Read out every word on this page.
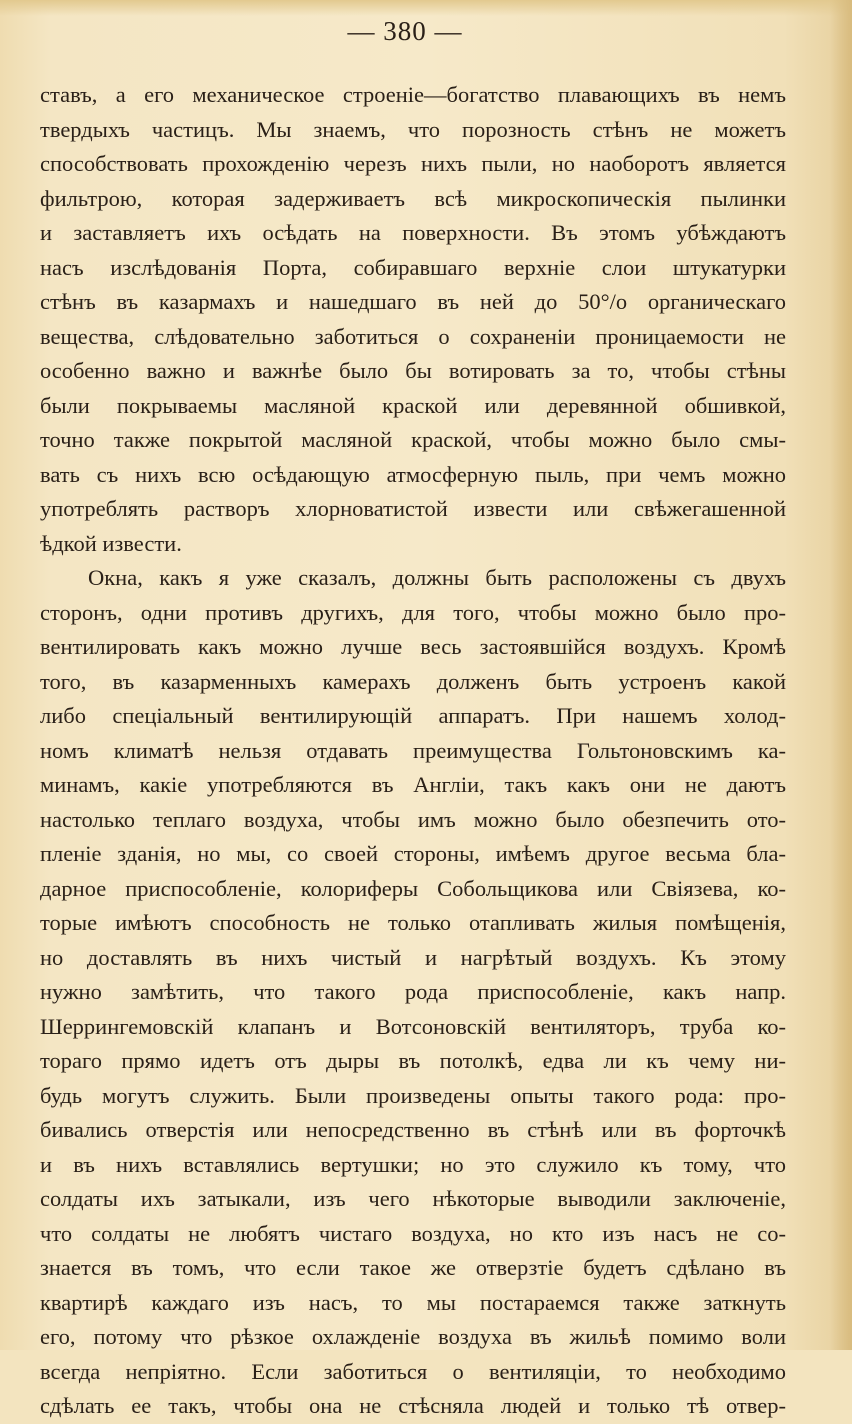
— 380 —
ставъ, а его механическое строеніе—богатство плавающихъ въ немъ
твердыхъ частицъ. Мы знаемъ, что порозность стѣнъ не можетъ
способствовать прохожденію черезъ нихъ пыли, но наоборотъ является
фильтрою, которая задерживаетъ всѣ микроскопическія пылинки
и заставляетъ ихъ осѣдать на поверхности. Въ этомъ убѣждаютъ
насъ изслѣдованія Порта, собиравшаго верхніе слои штукатурки
стѣнъ въ казармахъ и нашедшаго въ ней до 50°/о органическаго
вещества, слѣдовательно заботиться о сохраненіи проницаемости не
особенно важно и важнѣе было бы вотировать за то, чтобы стѣны
были покрываемы масляной краской или деревянной обшивкой,
точно также покрытой масляной краской, чтобы можно было смы-
вать съ нихъ всю осѣдающую атмосферную пыль, при чемъ можно
употреблять растворъ хлорноватистой извести или свѣжегашенной
ѣдкой извести.
Окна, какъ я уже сказалъ, должны быть расположены съ двухъ
сторонъ, одни противъ другихъ, для того, чтобы можно было про-
вентилировать какъ можно лучше весь застоявшійся воздухъ. Кромѣ
того, въ казарменныхъ камерахъ долженъ быть устроенъ какой
либо спеціальный вентилирующій аппаратъ. При нашемъ холод-
номъ климатѣ нельзя отдавать преимущества Гольтоновскимъ ка-
минамъ, какіе употребляются въ Англіи, такъ какъ они не даютъ
настолько теплаго воздуха, чтобы имъ можно было обезпечить ото-
пленіе зданія, но мы, со своей стороны, имѣемъ другое весьма бла-
дарное приспособленіе, колориферы Собольщикова или Свіязева, ко-
торые имѣютъ способность не только отапливать жилыя помѣщенія,
но доставлять въ нихъ чистый и нагрѣтый воздухъ. Къ этому
нужно замѣтить, что такого рода приспособленіе, какъ напр.
Шеррингемовскій клапанъ и Вотсоновскій вентиляторъ, труба ко-
тораго прямо идетъ отъ дыры въ потолкѣ, едва ли къ чему ни-
будь могутъ служить. Были произведены опыты такого рода: про-
бивались отверстія или непосредственно въ стѣнѣ или въ форточкѣ
и въ нихъ вставлялись вертушки; но это служило къ тому, что
солдаты ихъ затыкали, изъ чего нѣкоторые выводили заключеніе,
что солдаты не любятъ чистаго воздуха, но кто изъ насъ не со-
знается въ томъ, что если такое же отверзтіе будетъ сдѣлано въ
квартирѣ каждаго изъ насъ, то мы постараемся также заткнуть
его, потому что рѣзкое охлажденіе воздуха въ жильѣ помимо воли
всегда непріятно. Если заботиться о вентиляціи, то необходимо
сдѣлать ее такъ, чтобы она не стѣсняла людей и только тѣ отвер-
